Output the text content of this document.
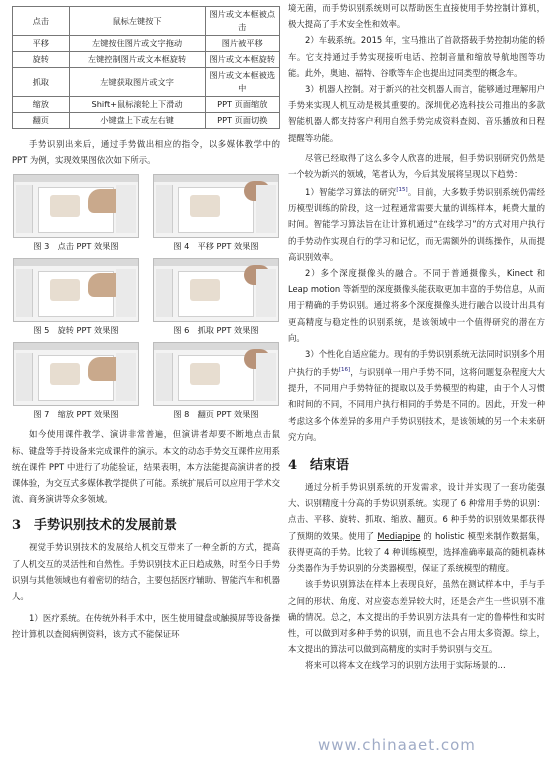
点击	鼠标左键按下	图片或文本框被点击
平移	左键按住图片或文字拖动	图片被平移
旋转	左键控制图片或文本框旋转	图片或文本框旋转
抓取	左键获取图片或文字	图片或文本框被选中
缩放	Shift+鼠标滚轮上下滑动	PPT 页面缩放
翻页	小键盘上下或左右键	PPT 页面切换

手势识别出来后，通过手势做出相应的指令，以多媒体教学中的 PPT 为例，实现效果图依次如下所示。

图 3　点击 PPT 效果图	图 4　平移 PPT 效果图
图 5　旋转 PPT 效果图	图 6　抓取 PPT 效果图
图 7　缩放 PPT 效果图	图 8　翻页 PPT 效果图

如今使用课件教学、演讲非常普遍，但演讲者却要不断地点击鼠标、键盘等手持设备来完成课件的演示。本文的动态手势交互课件应用系统在课件 PPT 中进行了功能验证，结果表明，本方法能提高演讲者的授课体验，为交互式多媒体教学提供了可能。系统扩展后可以应用于学术交流、商务演讲等众多领域。

3　手势识别技术的发展前景

视觉手势识别技术的发展给人机交互带来了一种全新的方式，提高了人机交互的灵活性和自然性。手势识别技术正日趋成熟，时至今日手势识别与其他领域也有着密切的结合，主要包括医疗辅助、智能汽车和机器人。

1）医疗系统。在传统外科手术中，医生使用键盘或触摸屏等设备操控计算机以查阅病例资料，该方式不能保证环

境无菌，而手势识别系统则可以帮助医生直接使用手势控制计算机，极大提高了手术安全性和效率。

2）车载系统。2015 年，宝马推出了首款搭载手势控制功能的轿车。它支持通过手势实现接听电话、控制音量和缩放导航地图等功能。此外，奥迪、福特、谷歌等车企也提出过同类型的概念车。

3）机器人控制。对于新兴的社交机器人而言，能够通过理解用户手势来实现人机互动是极其重要的。深圳优必选科技公司推出的多款智能机器人都支持客户利用自然手势完成资料查阅、音乐播放和日程提醒等功能。

尽管已经取得了这么多令人欣喜的进展，但手势识别研究仍然是一个较为新兴的领域，笔者认为，今后其发展将呈现以下趋势：

1）智能学习算法的研究[15]。目前，大多数手势识别系统仍需经历模型训练的阶段，这一过程通常需要大量的训练样本，耗费大量的时间。智能学习算法旨在让计算机通过“在线学习”的方式对用户执行的手势动作实现自行的学习和记忆，而无需额外的训练操作，从而提高识别效率。

2）多个深度摄像头的融合。不同于普通摄像头，Kinect 和 Leap motion 等新型的深度摄像头能获取更加丰富的手势信息，从而用于精确的手势识别。通过将多个深度摄像头进行融合以设计出具有更高精度与稳定性的识别系统，是该领域中一个值得研究的潜在方向。

3）个性化自适应能力。现有的手势识别系统无法同时识别多个用户执行的手势[16]，与识别单一用户手势不同，这将问题复杂程度大大提升，不同用户手势特征的提取以及手势模型的构建，由于个人习惯和时间的不同，不同用户执行相同的手势是不同的。因此，开发一种考虑这多个体差异的多用户手势识别技术，是该领域的另一个未来研究方向。

4　结束语

通过分析手势识别系统的开发需求，设计并实现了一套功能强大、识别精度十分高的手势识别系统。实现了 6 种常用手势的识别：点击、平移、旋转、抓取、缩放、翻页。6 种手势的识别效果都获得了预期的效果。使用了 Mediapipe 的 holistic 模型来制作数据集，获得更高的手势。比较了 4 种训练模型，选择准确率最高的随机森林分类器作为手势识别的分类器模型，保证了系统模型的精度。

该手势识别算法在样本上表现良好，虽然在测试样本中，手与手之间的形状、角度、对应姿态差异较大时，还是会产生一些识别不准确的情况。总之，本文提出的手势识别方法具有一定的鲁棒性和实时性，可以做到对多种手势的识别，而且也不会占用太多资源。综上，本文提出的算法可以做到高精度的实时手势识别与交互。

将来可以将本文在线学习的识别方法用于实际场景的...

www.chinaaet.com
